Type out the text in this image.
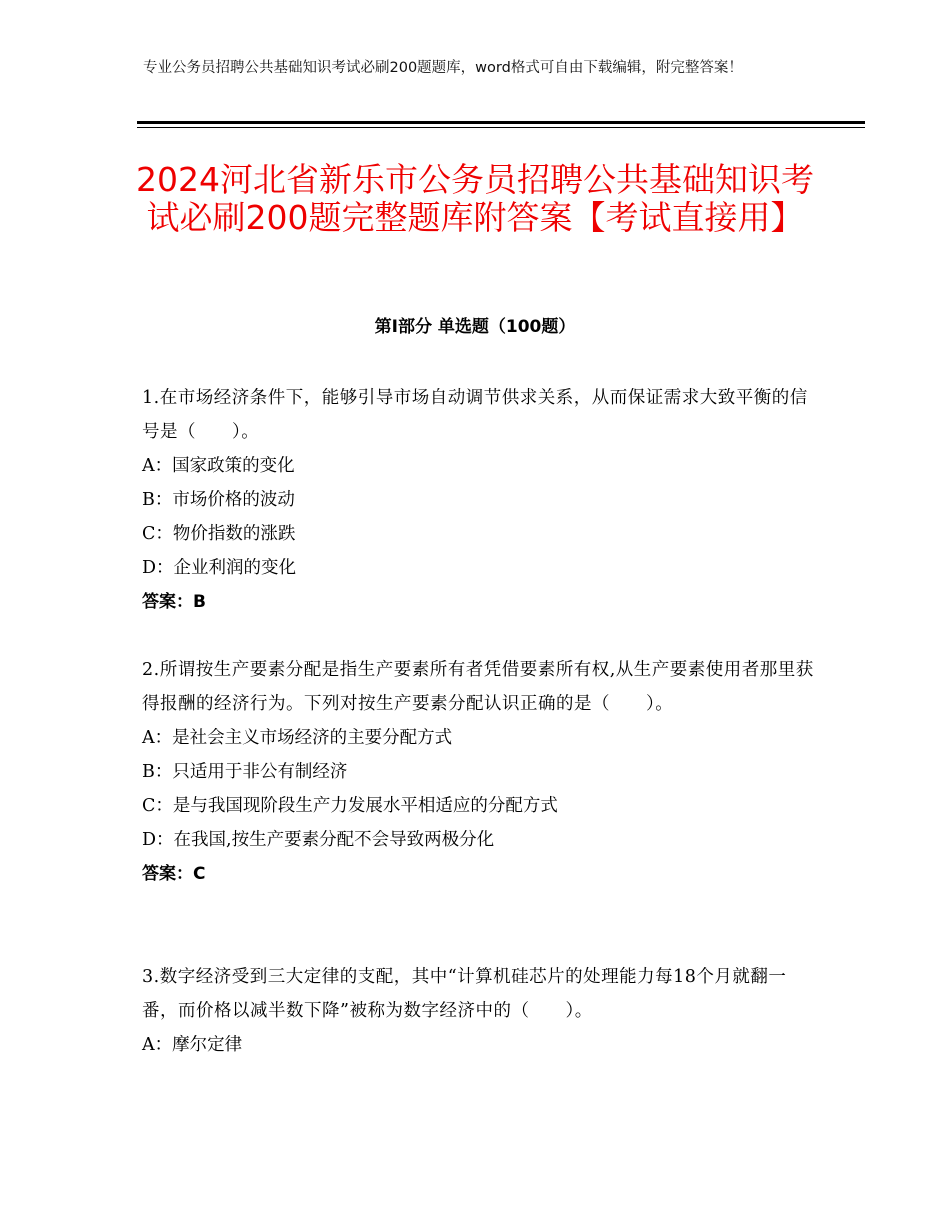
专业公务员招聘公共基础知识考试必刷200题题库，word格式可自由下载编辑，附完整答案！
2024河北省新乐市公务员招聘公共基础知识考试必刷200题完整题库附答案【考试直接用】
第I部分 单选题（100题）
1.在市场经济条件下，能够引导市场自动调节供求关系，从而保证需求大致平衡的信号是（　　）。
A：国家政策的变化
B：市场价格的波动
C：物价指数的涨跌
D：企业利润的变化
答案：B
2.所谓按生产要素分配是指生产要素所有者凭借要素所有权,从生产要素使用者那里获得报酬的经济行为。下列对按生产要素分配认识正确的是（　　）。
A：是社会主义市场经济的主要分配方式
B：只适用于非公有制经济
C：是与我国现阶段生产力发展水平相适应的分配方式
D：在我国,按生产要素分配不会导致两极分化
答案：C
3.数字经济受到三大定律的支配，其中“计算机硅芯片的处理能力每18个月就翻一番，而价格以减半数下降”被称为数字经济中的（　　）。
A：摩尔定律
